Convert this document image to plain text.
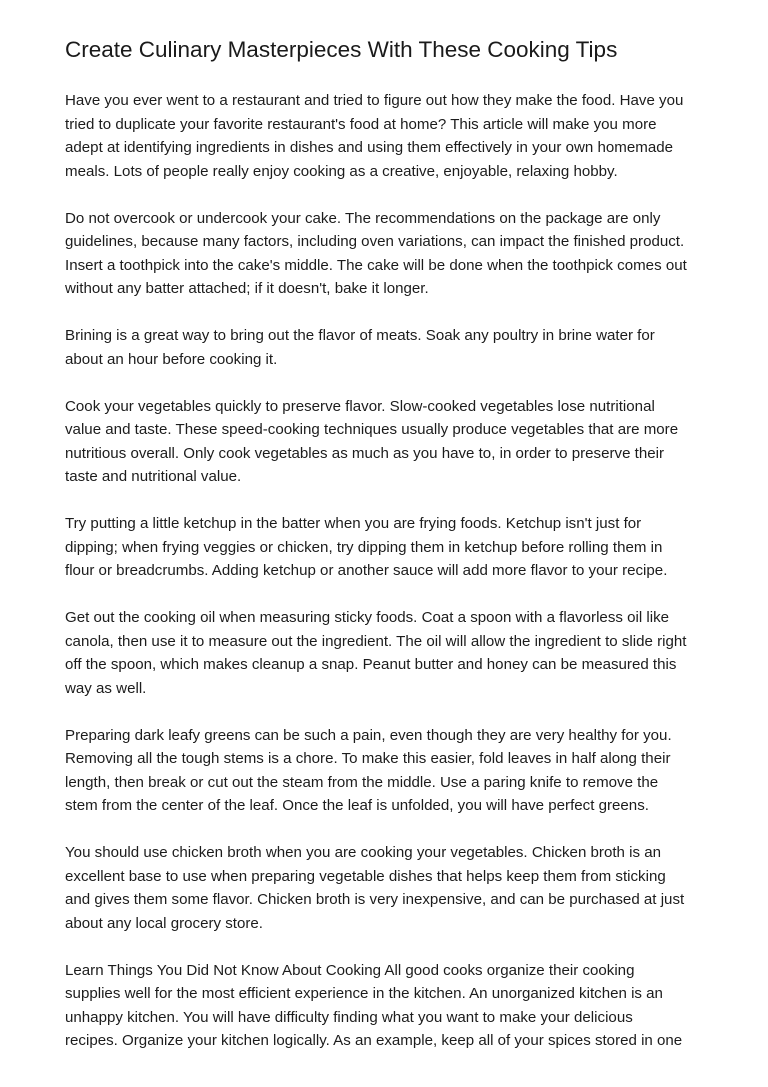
Create Culinary Masterpieces With These Cooking Tips

Have you ever went to a restaurant and tried to figure out how they make the food. Have you
tried to duplicate your favorite restaurant's food at home? This article will make you more
adept at identifying ingredients in dishes and using them effectively in your own homemade
meals. Lots of people really enjoy cooking as a creative, enjoyable, relaxing hobby.

Do not overcook or undercook your cake. The recommendations on the package are only
guidelines, because many factors, including oven variations, can impact the finished product.
Insert a toothpick into the cake's middle. The cake will be done when the toothpick comes out
without any batter attached; if it doesn't, bake it longer.

Brining is a great way to bring out the flavor of meats. Soak any poultry in brine water for
about an hour before cooking it.

Cook your vegetables quickly to preserve flavor. Slow-cooked vegetables lose nutritional
value and taste. These speed-cooking techniques usually produce vegetables that are more
nutritious overall. Only cook vegetables as much as you have to, in order to preserve their
taste and nutritional value.

Try putting a little ketchup in the batter when you are frying foods. Ketchup isn't just for
dipping; when frying veggies or chicken, try dipping them in ketchup before rolling them in
flour or breadcrumbs. Adding ketchup or another sauce will add more flavor to your recipe.

Get out the cooking oil when measuring sticky foods. Coat a spoon with a flavorless oil like
canola, then use it to measure out the ingredient. The oil will allow the ingredient to slide right
off the spoon, which makes cleanup a snap. Peanut butter and honey can be measured this
way as well.

Preparing dark leafy greens can be such a pain, even though they are very healthy for you.
Removing all the tough stems is a chore. To make this easier, fold leaves in half along their
length, then break or cut out the steam from the middle. Use a paring knife to remove the
stem from the center of the leaf. Once the leaf is unfolded, you will have perfect greens.

You should use chicken broth when you are cooking your vegetables. Chicken broth is an
excellent base to use when preparing vegetable dishes that helps keep them from sticking
and gives them some flavor. Chicken broth is very inexpensive, and can be purchased at just
about any local grocery store.

Learn Things You Did Not Know About Cooking All good cooks organize their cooking
supplies well for the most efficient experience in the kitchen. An unorganized kitchen is an
unhappy kitchen. You will have difficulty finding what you want to make your delicious
recipes. Organize your kitchen logically. As an example, keep all of your spices stored in one
